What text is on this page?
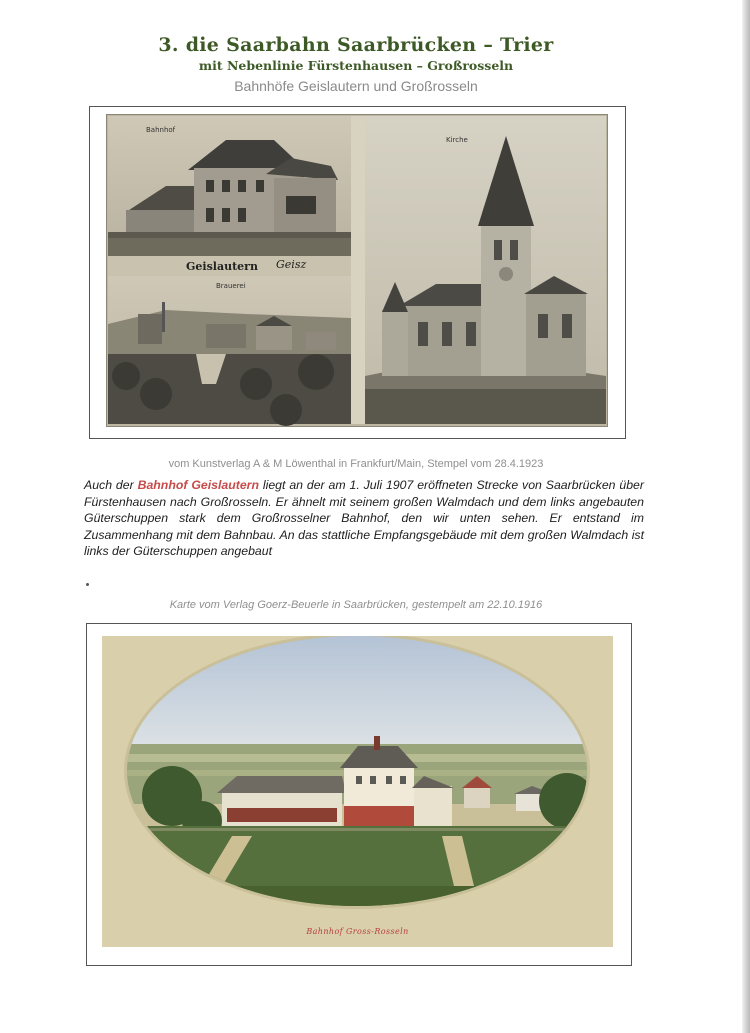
3. die Saarbahn Saarbrücken – Trier
mit Nebenlinie Fürstenhausen – Großrosseln
Bahnhöfe Geislautern und Großrosseln
Bahnhof
Kirche
Brauerei
Geislautern Geisz
vom Kunstverlag A & M Löwenthal in Frankfurt/Main, Stempel vom 28.4.1923
Auch der Bahnhof Geislautern liegt an der am 1. Juli 1907 eröffneten Strecke von Saarbrücken über Fürstenhausen nach Großrosseln. Er ähnelt mit seinem großen Walmdach und dem links angebauten Güterschuppen stark dem Großrosselner Bahnhof, den wir unten sehen. Er entstand im Zusammenhang mit dem Bahnbau. An das stattliche Empfangsgebäude mit dem großen Walmdach ist links der Güterschuppen angebaut
Karte vom Verlag Goerz-Beuerle in Saarbrücken, gestempelt am 22.10.1916
Bahnhof Gross-Rosseln
